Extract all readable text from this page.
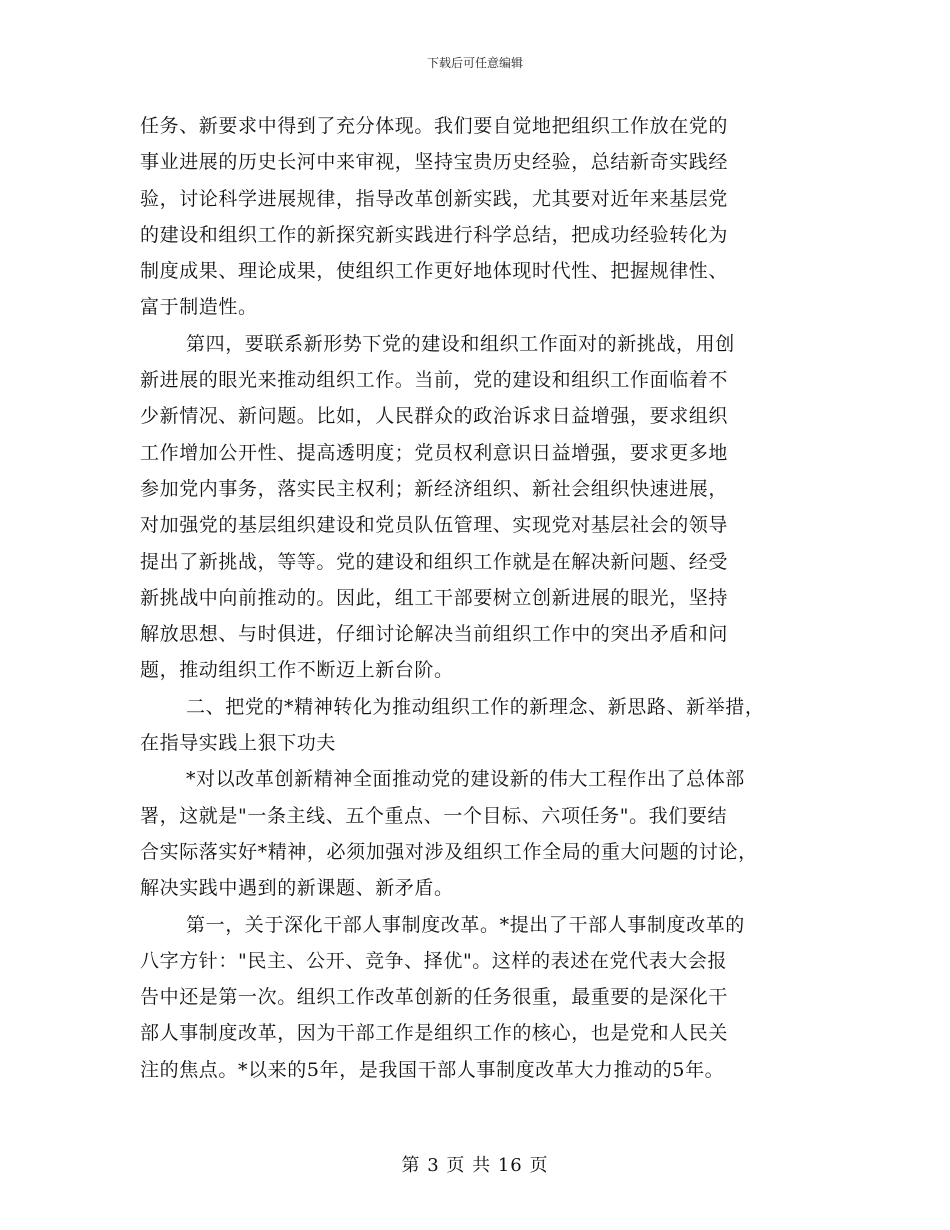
下载后可任意编辑
任务、新要求中得到了充分体现。我们要自觉地把组织工作放在党的
事业进展的历史长河中来审视，坚持宝贵历史经验，总结新奇实践经
验，讨论科学进展规律，指导改革创新实践，尤其要对近年来基层党
的建设和组织工作的新探究新实践进行科学总结，把成功经验转化为
制度成果、理论成果，使组织工作更好地体现时代性、把握规律性、
富于制造性。
第四，要联系新形势下党的建设和组织工作面对的新挑战，用创
新进展的眼光来推动组织工作。当前，党的建设和组织工作面临着不
少新情况、新问题。比如，人民群众的政治诉求日益增强，要求组织
工作增加公开性、提高透明度；党员权利意识日益增强，要求更多地
参加党内事务，落实民主权利；新经济组织、新社会组织快速进展，
对加强党的基层组织建设和党员队伍管理、实现党对基层社会的领导
提出了新挑战，等等。党的建设和组织工作就是在解决新问题、经受
新挑战中向前推动的。因此，组工干部要树立创新进展的眼光，坚持
解放思想、与时俱进，仔细讨论解决当前组织工作中的突出矛盾和问
题，推动组织工作不断迈上新台阶。
二、把党的*精神转化为推动组织工作的新理念、新思路、新举措，
在指导实践上狠下功夫
*对以改革创新精神全面推动党的建设新的伟大工程作出了总体部
署，这就是"一条主线、五个重点、一个目标、六项任务"。我们要结
合实际落实好*精神，必须加强对涉及组织工作全局的重大问题的讨论，
解决实践中遇到的新课题、新矛盾。
第一，关于深化干部人事制度改革。*提出了干部人事制度改革的
八字方针："民主、公开、竞争、择优"。这样的表述在党代表大会报
告中还是第一次。组织工作改革创新的任务很重，最重要的是深化干
部人事制度改革，因为干部工作是组织工作的核心，也是党和人民关
注的焦点。*以来的5年，是我国干部人事制度改革大力推动的5年。
第 3 页 共 16 页
